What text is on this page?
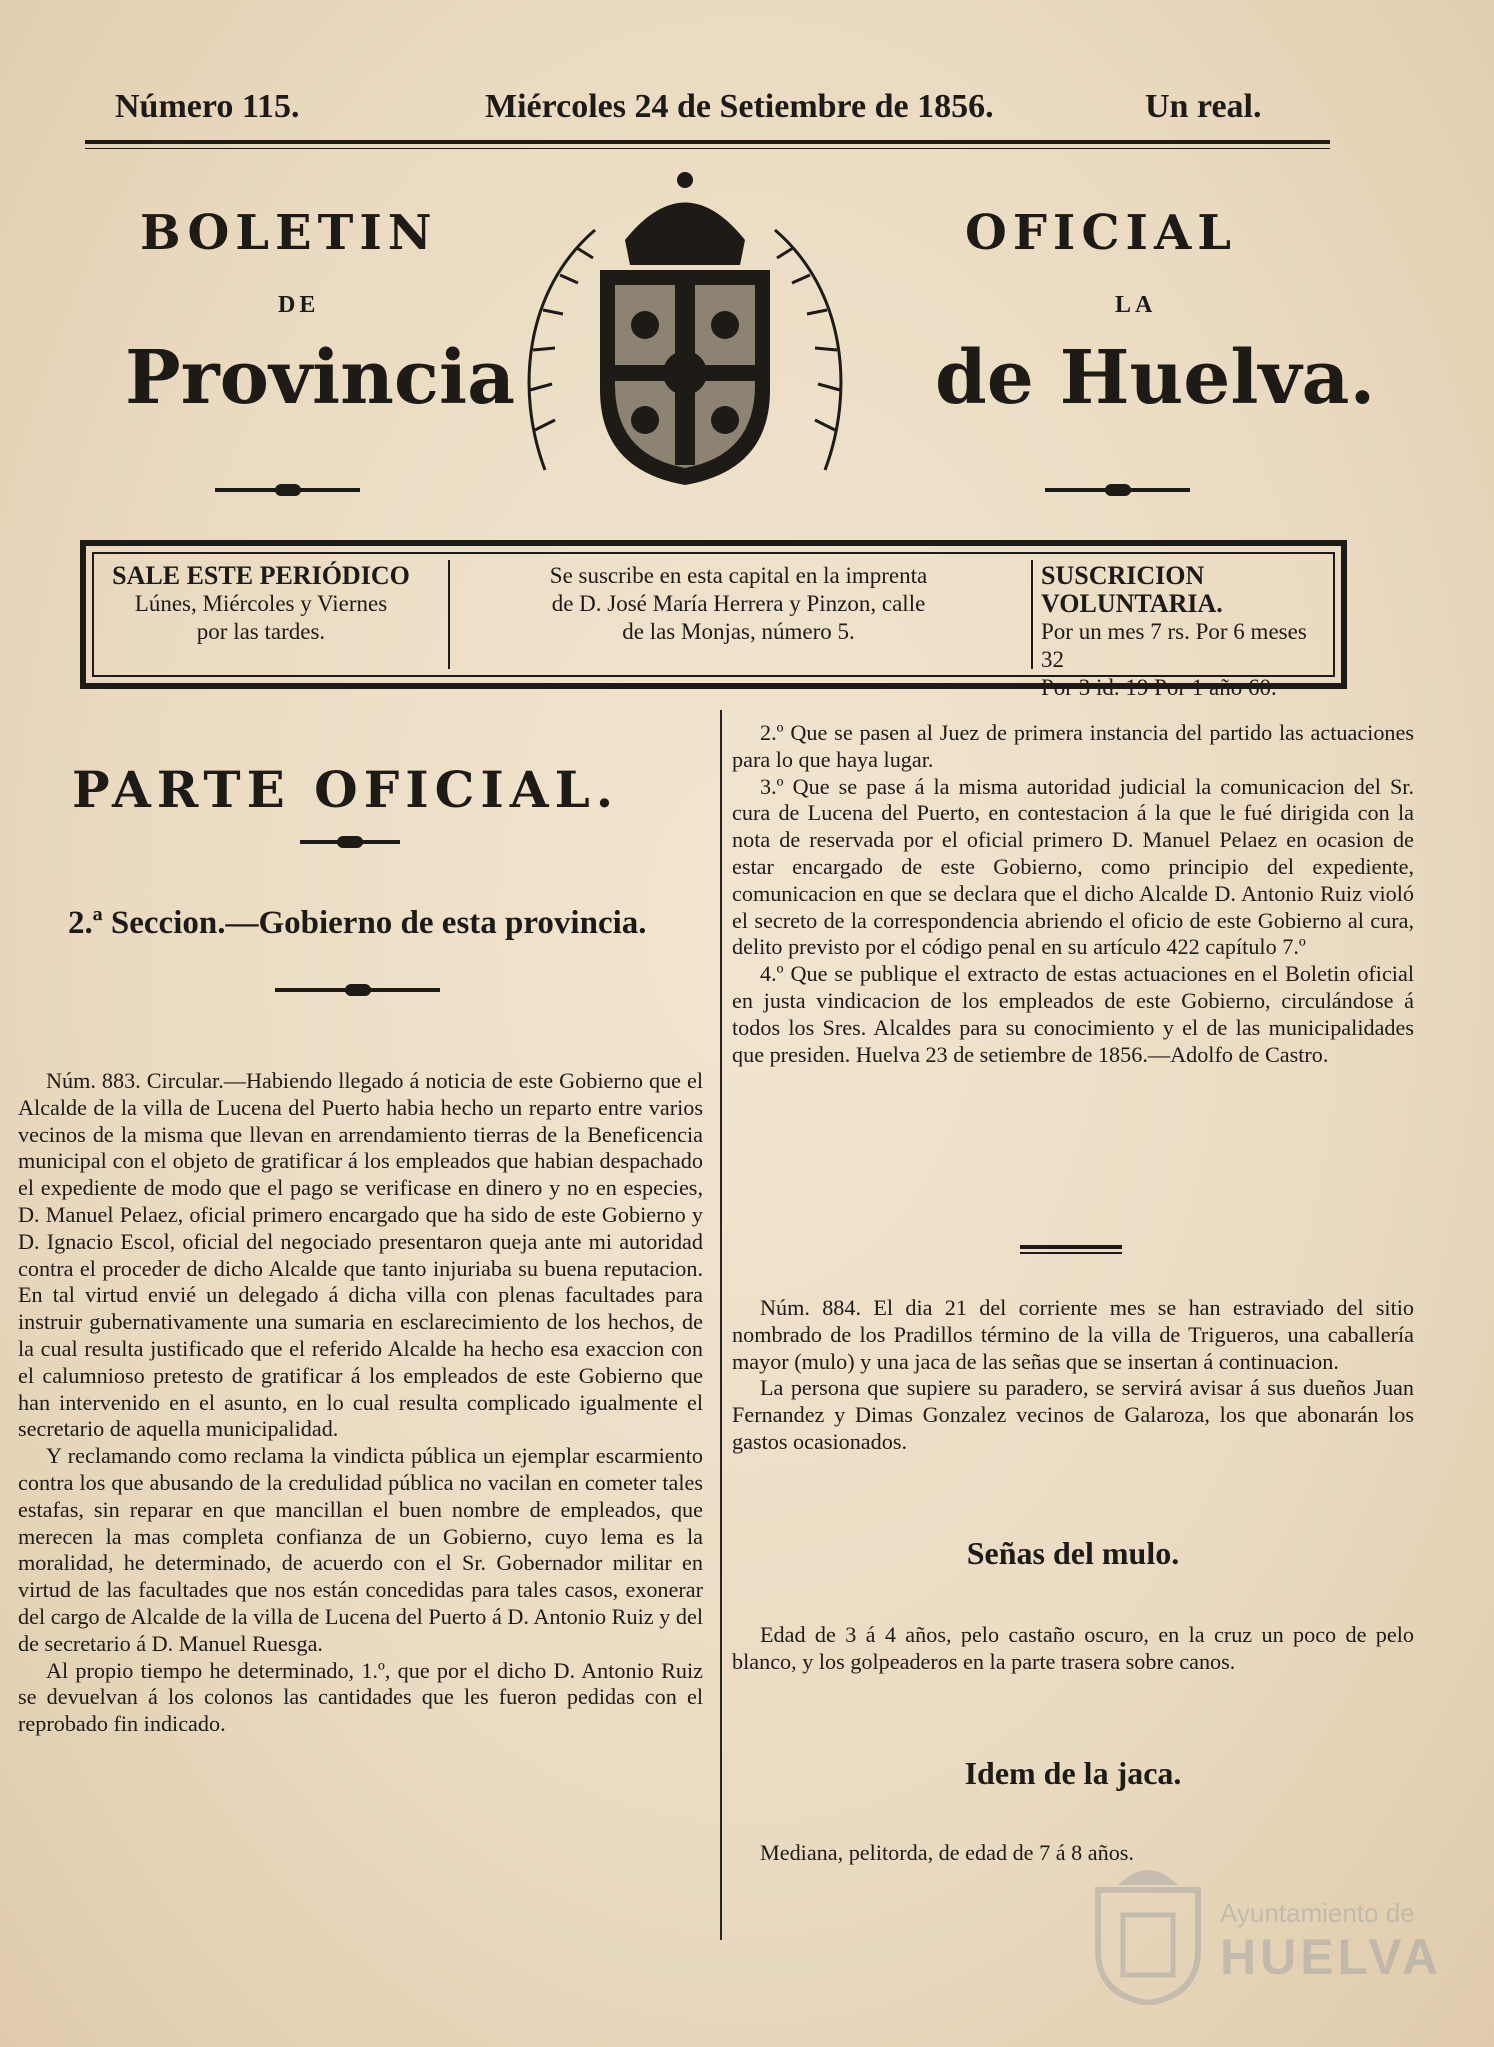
Número 115.	Miércoles 24 de Setiembre de 1856.	Un real.
BOLETIN	OFICIAL
DE	LA
Provincia	de Huelva.
SALE ESTE PERIÓDICO
Lúnes, Miércoles y Viernes
por las tardes.
Se suscribe en esta capital en la imprenta
de D. José María Herrera y Pinzon, calle
de las Monjas, número 5.
SUSCRICION VOLUNTARIA.
Por un mes 7 rs. Por 6 meses 32
Por 3 id. 19 Por 1 año 60.
PARTE OFICIAL.
2.ª Seccion.—Gobierno de esta provincia.

Núm. 883. Circular.—Habiendo llegado á noticia de este Gobierno que el Alcalde de la villa de Lucena del Puerto habia hecho un reparto entre varios vecinos de la misma que llevan en arrendamiento tierras de la Beneficencia municipal con el objeto de gratificar á los empleados que habian despachado el expediente de modo que el pago se verificase en dinero y no en especies, D. Manuel Pelaez, oficial primero encargado que ha sido de este Gobierno y D. Ignacio Escol, oficial del negociado presentaron queja ante mi autoridad contra el proceder de dicho Alcalde que tanto injuriaba su buena reputacion. En tal virtud envié un delegado á dicha villa con plenas facultades para instruir gubernativamente una sumaria en esclarecimiento de los hechos, de la cual resulta justificado que el referido Alcalde ha hecho esa exaccion con el calumnioso pretesto de gratificar á los empleados de este Gobierno que han intervenido en el asunto, en lo cual resulta complicado igualmente el secretario de aquella municipalidad.

Y reclamando como reclama la vindicta pública un ejemplar escarmiento contra los que abusando de la credulidad pública no vacilan en cometer tales estafas, sin reparar en que mancillan el buen nombre de empleados, que merecen la mas completa confianza de un Gobierno, cuyo lema es la moralidad, he determinado, de acuerdo con el Sr. Gobernador militar en virtud de las facultades que nos están concedidas para tales casos, exonerar del cargo de Alcalde de la villa de Lucena del Puerto á D. Antonio Ruiz y del de secretario á D. Manuel Ruesga.

Al propio tiempo he determinado, 1.º, que por el dicho D. Antonio Ruiz se devuelvan á los colonos las cantidades que les fueron pedidas con el reprobado fin indicado.

2.º Que se pasen al Juez de primera instancia del partido las actuaciones para lo que haya lugar.

3.º Que se pase á la misma autoridad judicial la comunicacion del Sr. cura de Lucena del Puerto, en contestacion á la que le fué dirigida con la nota de reservada por el oficial primero D. Manuel Pelaez en ocasion de estar encargado de este Gobierno, como principio del expediente, comunicacion en que se declara que el dicho Alcalde D. Antonio Ruiz violó el secreto de la correspondencia abriendo el oficio de este Gobierno al cura, delito previsto por el código penal en su artículo 422 capítulo 7.º

4.º Que se publique el extracto de estas actuaciones en el Boletin oficial en justa vindicacion de los empleados de este Gobierno, circulándose á todos los Sres. Alcaldes para su conocimiento y el de las municipalidades que presiden. Huelva 23 de setiembre de 1856.—Adolfo de Castro.

Núm. 884. El dia 21 del corriente mes se han estraviado del sitio nombrado de los Pradillos término de la villa de Trigueros, una caballería mayor (mulo) y una jaca de las señas que se insertan á continuacion.

La persona que supiere su paradero, se servirá avisar á sus dueños Juan Fernandez y Dimas Gonzalez vecinos de Galaroza, los que abonarán los gastos ocasionados.

Señas del mulo.

Edad de 3 á 4 años, pelo castaño oscuro, en la cruz un poco de pelo blanco, y los golpeaderos en la parte trasera sobre canos.

Idem de la jaca.

Mediana, pelitorda, de edad de 7 á 8 años.

Ayuntamiento de
HUELVA
